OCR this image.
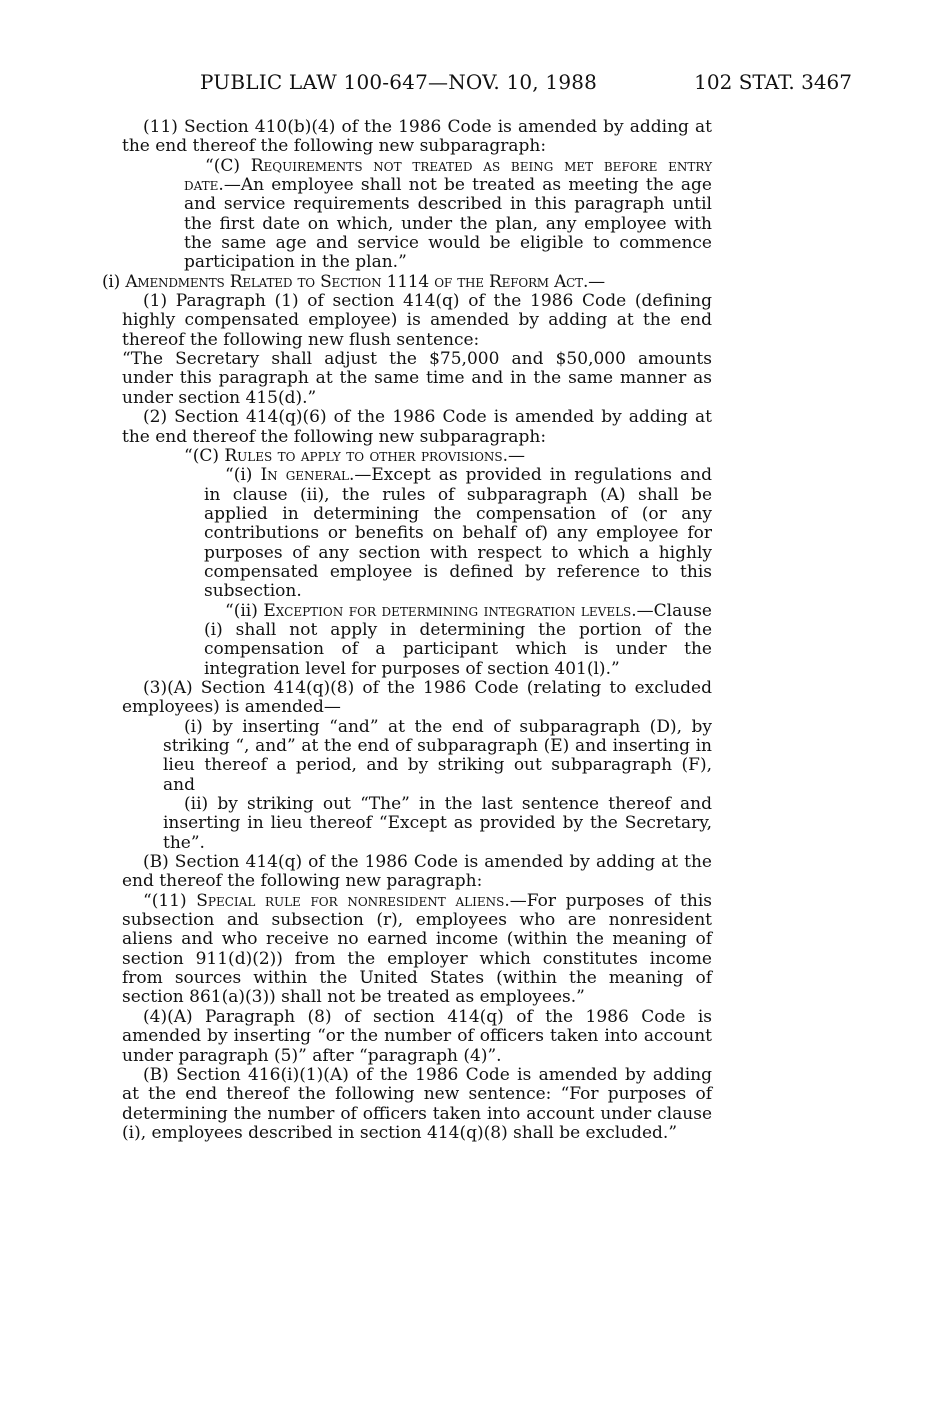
PUBLIC LAW 100-647—NOV. 10, 1988	102 STAT. 3467

(11) Section 410(b)(4) of the 1986 Code is amended by adding at the end thereof the following new subparagraph:

“(C) Requirements not treated as being met before entry date.—An employee shall not be treated as meeting the age and service requirements described in this paragraph until the first date on which, under the plan, any employee with the same age and service would be eligible to commence participation in the plan.”

(i) Amendments Related to Section 1114 of the Reform Act.—

(1) Paragraph (1) of section 414(q) of the 1986 Code (defining highly compensated employee) is amended by adding at the end thereof the following new flush sentence:

“The Secretary shall adjust the $75,000 and $50,000 amounts under this paragraph at the same time and in the same manner as under section 415(d).”

(2) Section 414(q)(6) of the 1986 Code is amended by adding at the end thereof the following new subparagraph:

“(C) Rules to apply to other provisions.—

“(i) In general.—Except as provided in regulations and in clause (ii), the rules of subparagraph (A) shall be applied in determining the compensation of (or any contributions or benefits on behalf of) any employee for purposes of any section with respect to which a highly compensated employee is defined by reference to this subsection.

“(ii) Exception for determining integration levels.—Clause (i) shall not apply in determining the portion of the compensation of a participant which is under the integration level for purposes of section 401(l).”

(3)(A) Section 414(q)(8) of the 1986 Code (relating to excluded employees) is amended—

(i) by inserting “and” at the end of subparagraph (D), by striking “, and” at the end of subparagraph (E) and inserting in lieu thereof a period, and by striking out subparagraph (F), and

(ii) by striking out “The” in the last sentence thereof and inserting in lieu thereof “Except as provided by the Secretary, the”.

(B) Section 414(q) of the 1986 Code is amended by adding at the end thereof the following new paragraph:

“(11) Special rule for nonresident aliens.—For purposes of this subsection and subsection (r), employees who are nonresident aliens and who receive no earned income (within the meaning of section 911(d)(2)) from the employer which constitutes income from sources within the United States (within the meaning of section 861(a)(3)) shall not be treated as employees.”

(4)(A) Paragraph (8) of section 414(q) of the 1986 Code is amended by inserting “or the number of officers taken into account under paragraph (5)” after “paragraph (4)”.

(B) Section 416(i)(1)(A) of the 1986 Code is amended by adding at the end thereof the following new sentence: “For purposes of determining the number of officers taken into account under clause (i), employees described in section 414(q)(8) shall be excluded.”
